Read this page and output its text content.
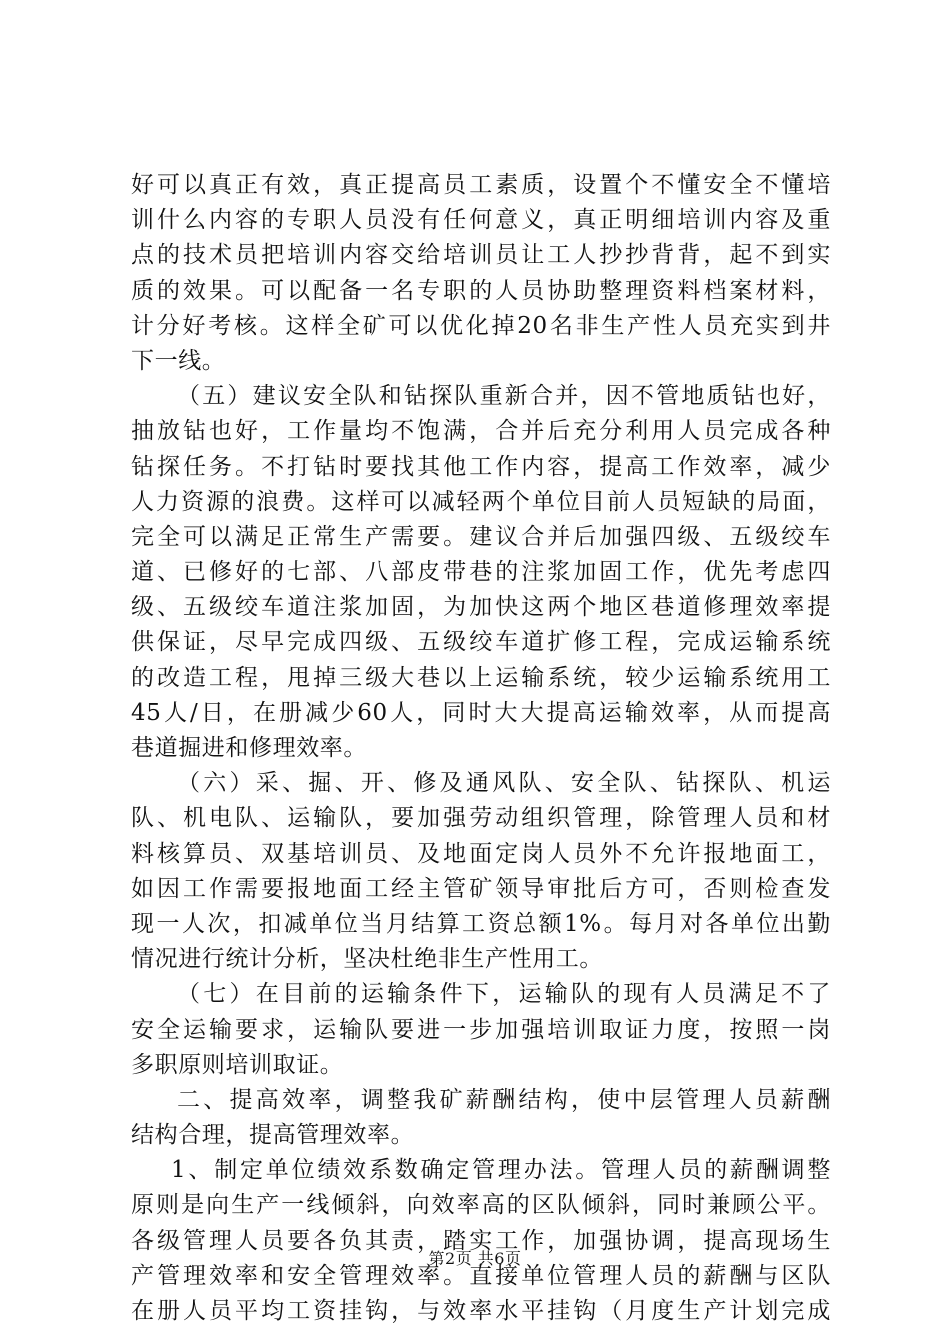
好可以真正有效，真正提高员工素质，设置个不懂安全不懂培
训什么内容的专职人员没有任何意义，真正明细培训内容及重
点的技术员把培训内容交给培训员让工人抄抄背背，起不到实
质的效果。可以配备一名专职的人员协助整理资料档案材料，
计分好考核。这样全矿可以优化掉20名非生产性人员充实到井
下一线。
（五）建议安全队和钻探队重新合并，因不管地质钻也好，
抽放钻也好，工作量均不饱满，合并后充分利用人员完成各种
钻探任务。不打钻时要找其他工作内容，提高工作效率，减少
人力资源的浪费。这样可以减轻两个单位目前人员短缺的局面，
完全可以满足正常生产需要。建议合并后加强四级、五级绞车
道、已修好的七部、八部皮带巷的注浆加固工作，优先考虑四
级、五级绞车道注浆加固，为加快这两个地区巷道修理效率提
供保证，尽早完成四级、五级绞车道扩修工程，完成运输系统
的改造工程，甩掉三级大巷以上运输系统，较少运输系统用工
45人/日，在册减少60人，同时大大提高运输效率，从而提高
巷道掘进和修理效率。
（六）采、掘、开、修及通风队、安全队、钻探队、机运
队、机电队、运输队，要加强劳动组织管理，除管理人员和材
料核算员、双基培训员、及地面定岗人员外不允许报地面工，
如因工作需要报地面工经主管矿领导审批后方可，否则检查发
现一人次，扣减单位当月结算工资总额1%。每月对各单位出勤
情况进行统计分析，坚决杜绝非生产性用工。
（七）在目前的运输条件下，运输队的现有人员满足不了
安全运输要求，运输队要进一步加强培训取证力度，按照一岗
多职原则培训取证。
二、提高效率，调整我矿薪酬结构，使中层管理人员薪酬
结构合理，提高管理效率。
1、制定单位绩效系数确定管理办法。管理人员的薪酬调整
原则是向生产一线倾斜，向效率高的区队倾斜，同时兼顾公平。
各级管理人员要各负其责，踏实工作，加强协调，提高现场生
产管理效率和安全管理效率。直接单位管理人员的薪酬与区队
在册人员平均工资挂钩，与效率水平挂钩（月度生产计划完成
第2页 共6页
